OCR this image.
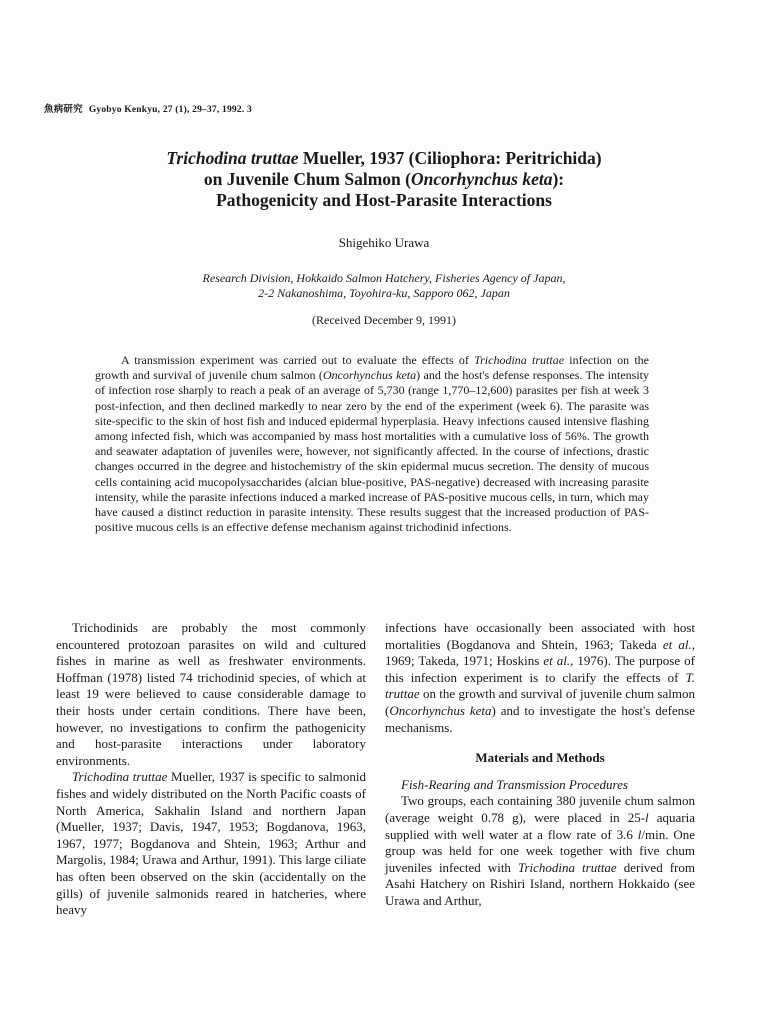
魚病研究 Gyobyo Kenkyu, 27 (1), 29–37, 1992. 3
Trichodina truttae Mueller, 1937 (Ciliophora: Peritrichida)
on Juvenile Chum Salmon (Oncorhynchus keta):
Pathogenicity and Host-Parasite Interactions
Shigehiko Urawa
Research Division, Hokkaido Salmon Hatchery, Fisheries Agency of Japan,
2-2 Nakanoshima, Toyohira-ku, Sapporo 062, Japan
(Received December 9, 1991)

A transmission experiment was carried out to evaluate the effects of Trichodina truttae infection on the growth and survival of juvenile chum salmon (Oncorhynchus keta) and the host's defense responses. The intensity of infection rose sharply to reach a peak of an average of 5,730 (range 1,770–12,600) parasites per fish at week 3 post-infection, and then declined markedly to near zero by the end of the experiment (week 6). The parasite was site-specific to the skin of host fish and induced epidermal hyperplasia. Heavy infections caused intensive flashing among infected fish, which was accompanied by mass host mortalities with a cumulative loss of 56%. The growth and seawater adaptation of juveniles were, however, not significantly affected. In the course of infections, drastic changes occurred in the degree and histochemistry of the skin epidermal mucus secretion. The density of mucous cells containing acid mucopolysaccharides (alcian blue-positive, PAS-negative) decreased with increasing parasite intensity, while the parasite infections induced a marked increase of PAS-positive mucous cells, in turn, which may have caused a distinct reduction in parasite intensity. These results suggest that the increased production of PAS-positive mucous cells is an effective defense mechanism against trichodinid infections.

Trichodinids are probably the most commonly encountered protozoan parasites on wild and cultured fishes in marine as well as freshwater environments. Hoffman (1978) listed 74 trichodinid species, of which at least 19 were believed to cause considerable damage to their hosts under certain conditions. There have been, however, no investigations to confirm the pathogenicity and host-parasite interactions under laboratory environments.

Trichodina truttae Mueller, 1937 is specific to salmonid fishes and widely distributed on the North Pacific coasts of North America, Sakhalin Island and northern Japan (Mueller, 1937; Davis, 1947, 1953; Bogdanova, 1963, 1967, 1977; Bogdanova and Shtein, 1963; Arthur and Margolis, 1984; Urawa and Arthur, 1991). This large ciliate has often been observed on the skin (accidentally on the gills) of juvenile salmonids reared in hatcheries, where heavy

infections have occasionally been associated with host mortalities (Bogdanova and Shtein, 1963; Takeda et al., 1969; Takeda, 1971; Hoskins et al., 1976). The purpose of this infection experiment is to clarify the effects of T. truttae on the growth and survival of juvenile chum salmon (Oncorhynchus keta) and to investigate the host's defense mechanisms.

Materials and Methods

Fish-Rearing and Transmission Procedures

Two groups, each containing 380 juvenile chum salmon (average weight 0.78 g), were placed in 25-l aquaria supplied with well water at a flow rate of 3.6 l/min. One group was held for one week together with five chum juveniles infected with Trichodina truttae derived from Asahi Hatchery on Rishiri Island, northern Hokkaido (see Urawa and Arthur,
